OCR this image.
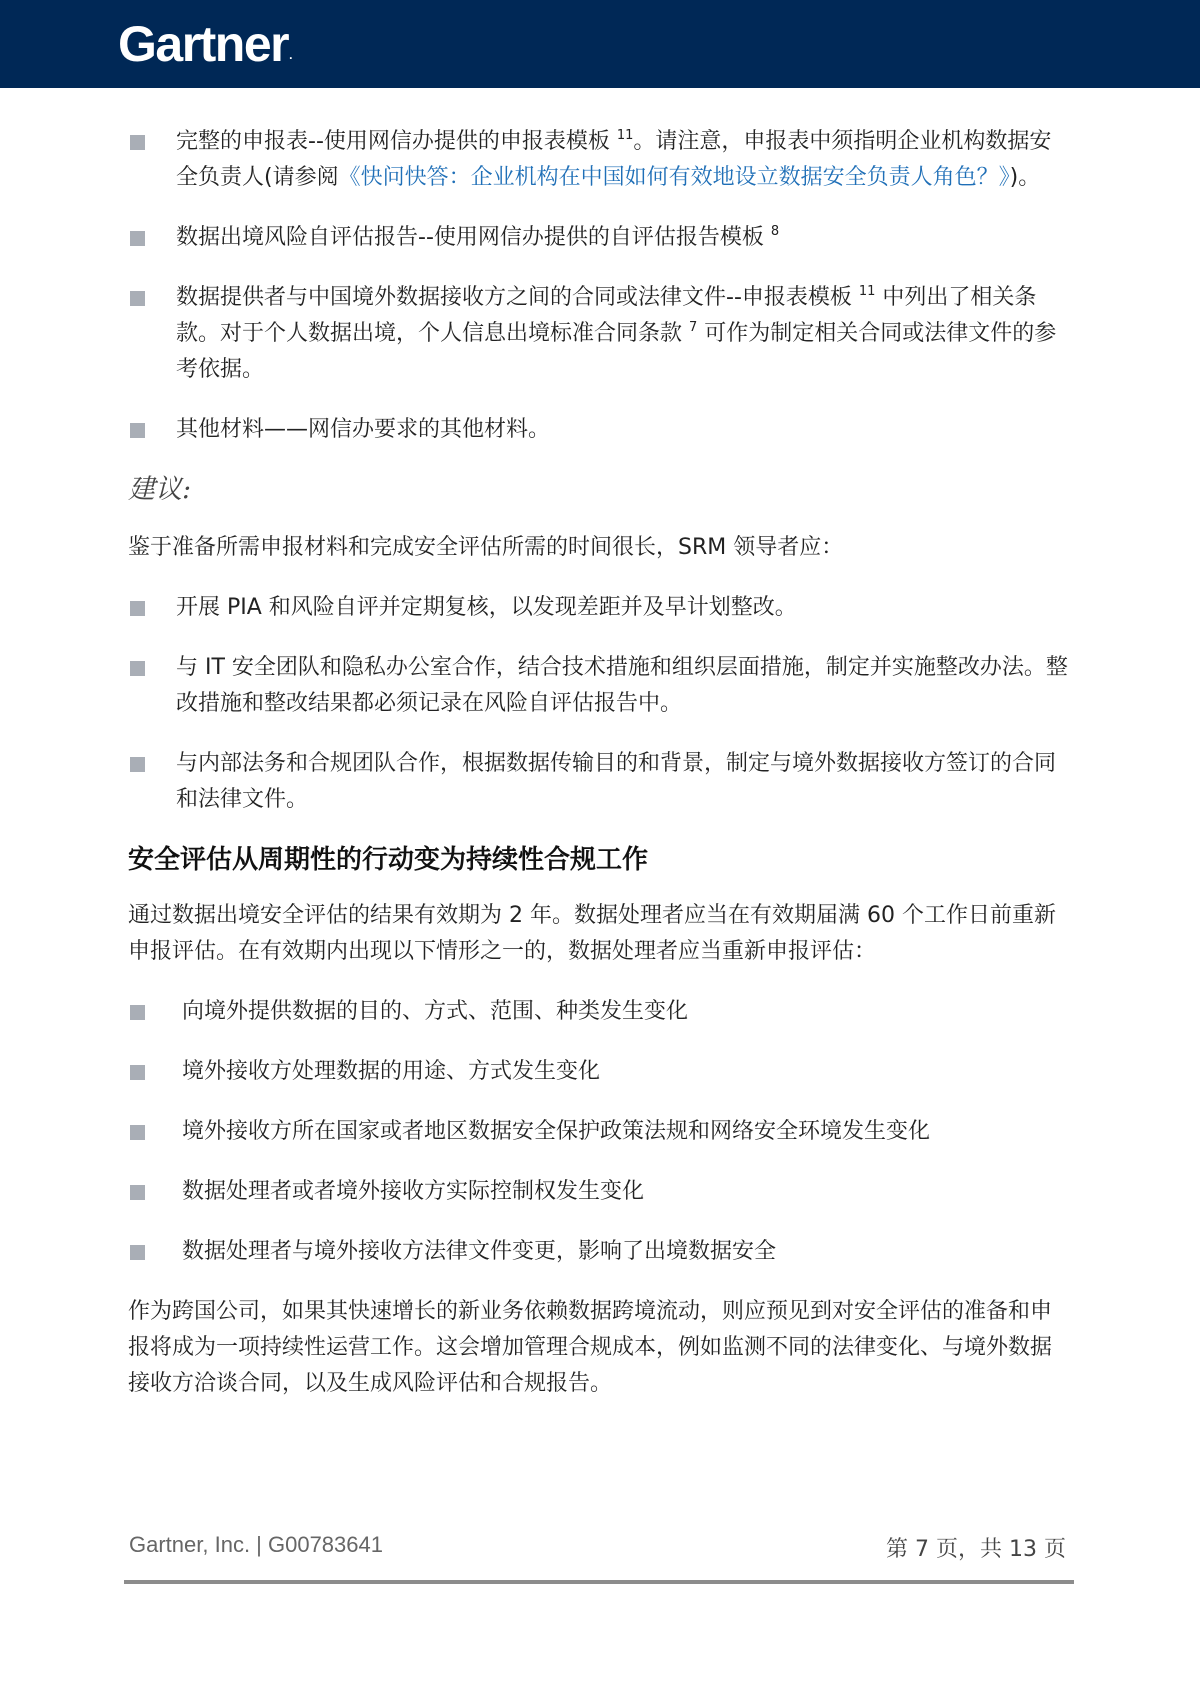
Gartner.
完整的申报表--使用网信办提供的申报表模板 $^{11}$。请注意，申报表中须指明企业机构数据安全负责人(请参阅《快问快答：企业机构在中国如何有效地设立数据安全负责人角色？》)。
数据出境风险自评估报告--使用网信办提供的自评估报告模板 $^8$
数据提供者与中国境外数据接收方之间的合同或法律文件--申报表模板 $^{11}$ 中列出了相关条款。对于个人数据出境，个人信息出境标准合同条款 $^7$ 可作为制定相关合同或法律文件的参考依据。
其他材料——网信办要求的其他材料。
建议:
鉴于准备所需申报材料和完成安全评估所需的时间很长，SRM 领导者应：
开展 PIA 和风险自评并定期复核，以发现差距并及早计划整改。
与 IT 安全团队和隐私办公室合作，结合技术措施和组织层面措施，制定并实施整改办法。整改措施和整改结果都必须记录在风险自评估报告中。
与内部法务和合规团队合作，根据数据传输目的和背景，制定与境外数据接收方签订的合同和法律文件。
安全评估从周期性的行动变为持续性合规工作
通过数据出境安全评估的结果有效期为 2 年。数据处理者应当在有效期届满 60 个工作日前重新申报评估。在有效期内出现以下情形之一的，数据处理者应当重新申报评估：
向境外提供数据的目的、方式、范围、种类发生变化
境外接收方处理数据的用途、方式发生变化
境外接收方所在国家或者地区数据安全保护政策法规和网络安全环境发生变化
数据处理者或者境外接收方实际控制权发生变化
数据处理者与境外接收方法律文件变更，影响了出境数据安全
作为跨国公司，如果其快速增长的新业务依赖数据跨境流动，则应预见到对安全评估的准备和申报将成为一项持续性运营工作。这会增加管理合规成本，例如监测不同的法律变化、与境外数据接收方洽谈合同，以及生成风险评估和合规报告。
Gartner, Inc. | G00783641	第 7 页，共 13 页
